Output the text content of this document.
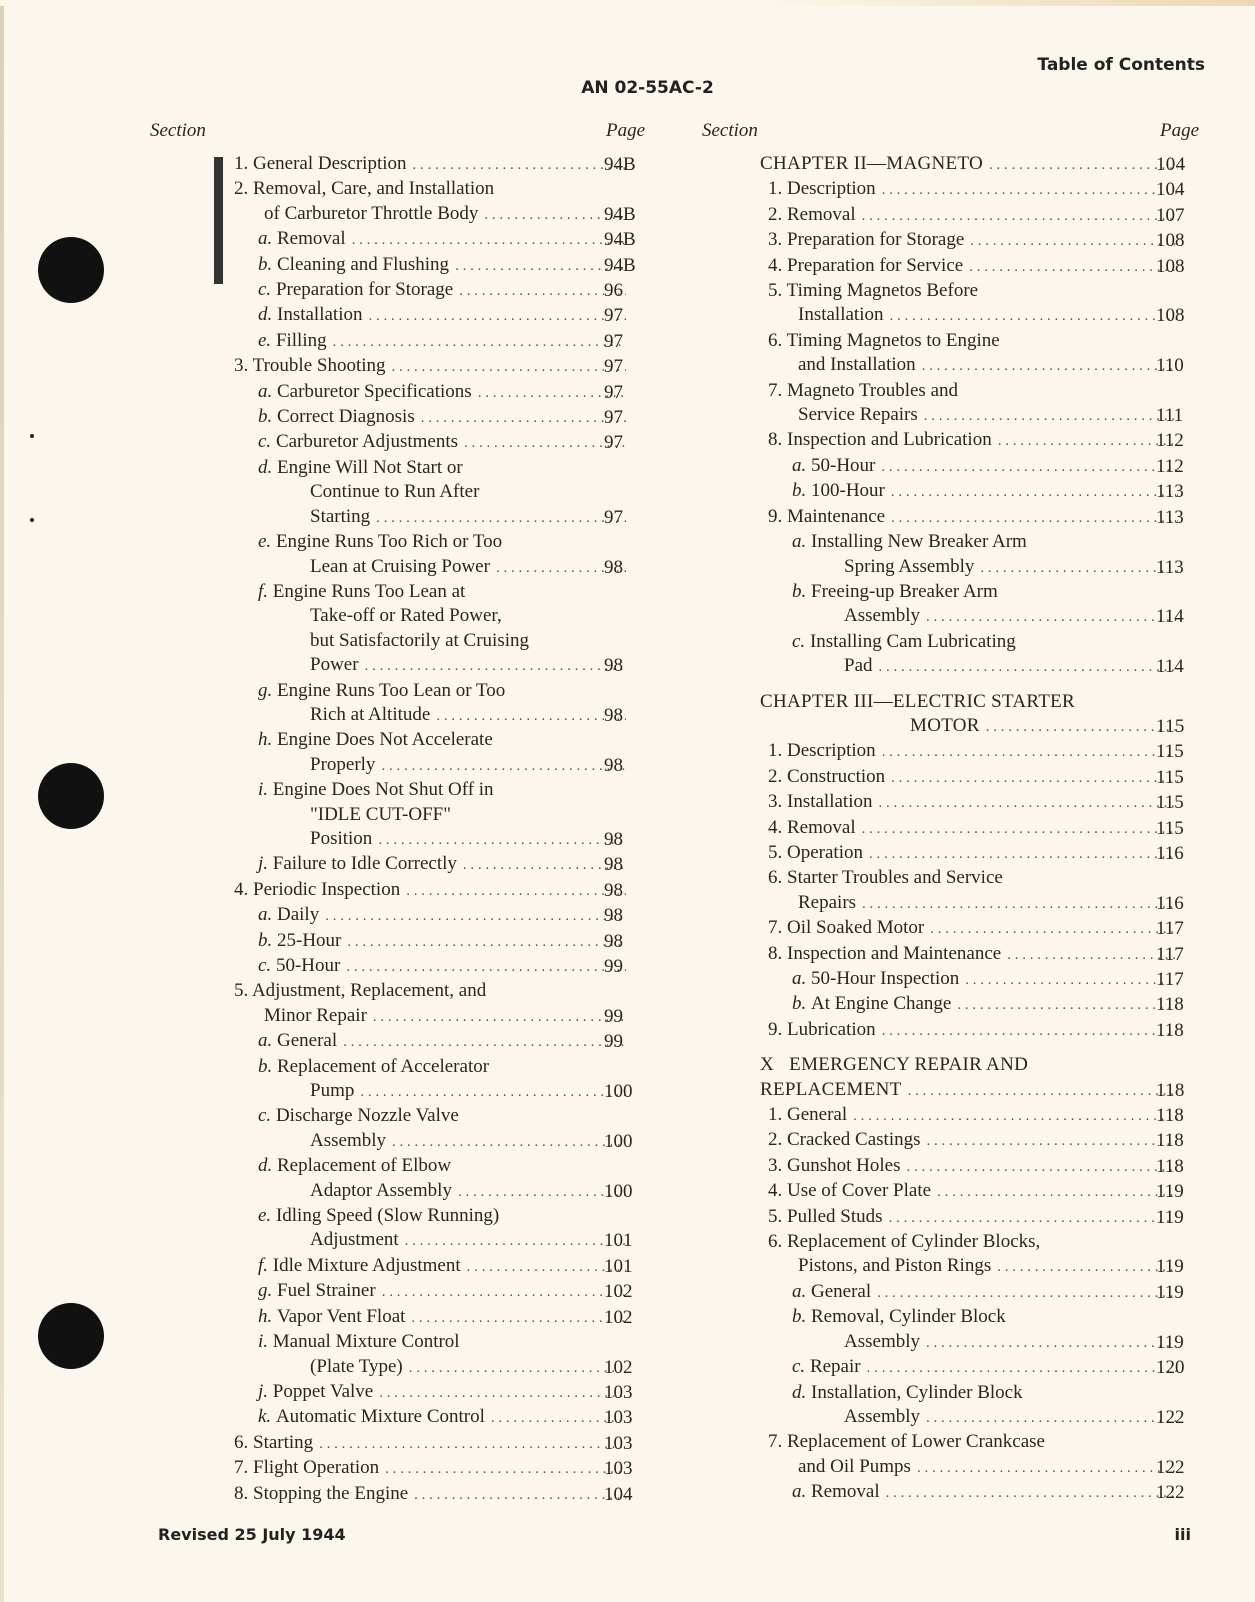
Table of Contents
AN 02-55AC-2
Section	Page	Section	Page
1. General Description . . .	94B
2. Removal, Care, and Installation
of Carburetor Throttle Body . . .	94B
a. Removal . . .	94B
b. Cleaning and Flushing . . .	94B
c. Preparation for Storage . . .	96
d. Installation . . .	97
e. Filling . . .	97
3. Trouble Shooting . . .	97
a. Carburetor Specifications . . .	97
b. Correct Diagnosis . . .	97
c. Carburetor Adjustments . . .	97
d. Engine Will Not Start or
Continue to Run After
Starting . . .	97
e. Engine Runs Too Rich or Too
Lean at Cruising Power . . .	98
f. Engine Runs Too Lean at
Take-off or Rated Power,
but Satisfactorily at Cruising
Power . . .	98
g. Engine Runs Too Lean or Too
Rich at Altitude . . .	98
h. Engine Does Not Accelerate
Properly . . .	98
i. Engine Does Not Shut Off in
"IDLE CUT-OFF"
Position . . .	98
j. Failure to Idle Correctly . . .	98
4. Periodic Inspection . . .	98
a. Daily . . .	98
b. 25-Hour . . .	98
c. 50-Hour . . .	99
5. Adjustment, Replacement, and
Minor Repair . . .	99
a. General . . .	99
b. Replacement of Accelerator
Pump . . .	100
c. Discharge Nozzle Valve
Assembly . . .	100
d. Replacement of Elbow
Adaptor Assembly . . .	100
e. Idling Speed (Slow Running)
Adjustment . . .	101
f. Idle Mixture Adjustment . . .	101
g. Fuel Strainer . . .	102
h. Vapor Vent Float . . .	102
i. Manual Mixture Control
(Plate Type) . . .	102
j. Poppet Valve . . .	103
k. Automatic Mixture Control . . .	103
6. Starting . . .	103
7. Flight Operation . . .	103
8. Stopping the Engine . . .	104
CHAPTER II—MAGNETO . . .	104
1. Description . . .	104
2. Removal . . .	107
3. Preparation for Storage . . .	108
4. Preparation for Service . . .	108
5. Timing Magnetos Before
Installation . . .	108
6. Timing Magnetos to Engine
and Installation . . .	110
7. Magneto Troubles and
Service Repairs . . .	111
8. Inspection and Lubrication . . .	112
a. 50-Hour . . .	112
b. 100-Hour . . .	113
9. Maintenance . . .	113
a. Installing New Breaker Arm
Spring Assembly . . .	113
b. Freeing-up Breaker Arm
Assembly . . .	114
c. Installing Cam Lubricating
Pad . . .	114
CHAPTER III—ELECTRIC STARTER
MOTOR . . .	115
1. Description . . .	115
2. Construction . . .	115
3. Installation . . .	115
4. Removal . . .	115
5. Operation . . .	116
6. Starter Troubles and Service
Repairs . . .	116
7. Oil Soaked Motor . . .	117
8. Inspection and Maintenance . . .	117
a. 50-Hour Inspection . . .	117
b. At Engine Change . . .	118
9. Lubrication . . .	118
X   EMERGENCY REPAIR AND
REPLACEMENT . . .	118
1. General . . .	118
2. Cracked Castings . . .	118
3. Gunshot Holes . . .	118
4. Use of Cover Plate . . .	119
5. Pulled Studs . . .	119
6. Replacement of Cylinder Blocks,
Pistons, and Piston Rings . . .	119
a. General . . .	119
b. Removal, Cylinder Block
Assembly . . .	119
c. Repair . . .	120
d. Installation, Cylinder Block
Assembly . . .	122
7. Replacement of Lower Crankcase
and Oil Pumps . . .	122
a. Removal . . .	122
Revised 25 July 1944	iii
